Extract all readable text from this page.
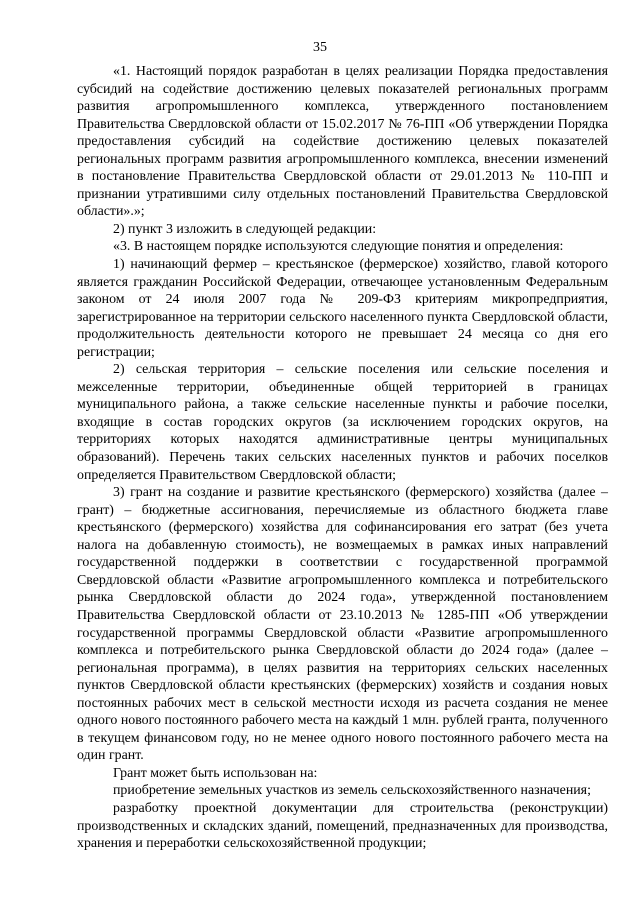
35

«1. Настоящий порядок разработан в целях реализации Порядка предоставления субсидий на содействие достижению целевых показателей региональных программ развития агропромышленного комплекса, утвержденного постановлением Правительства Свердловской области от 15.02.2017 № 76-ПП «Об утверждении Порядка предоставления субсидий на содействие достижению целевых показателей региональных программ развития агропромышленного комплекса, внесении изменений в постановление Правительства Свердловской области от 29.01.2013 № 110-ПП и признании утратившими силу отдельных постановлений Правительства Свердловской области».»;

2) пункт 3 изложить в следующей редакции:

«3. В настоящем порядке используются следующие понятия и определения:

1) начинающий фермер – крестьянское (фермерское) хозяйство, главой которого является гражданин Российской Федерации, отвечающее установленным Федеральным законом от 24 июля 2007 года № 209-ФЗ критериям микропредприятия, зарегистрированное на территории сельского населенного пункта Свердловской области, продолжительность деятельности которого не превышает 24 месяца со дня его регистрации;

2) сельская территория – сельские поселения или сельские поселения и межселенные территории, объединенные общей территорией в границах муниципального района, а также сельские населенные пункты и рабочие поселки, входящие в состав городских округов (за исключением городских округов, на территориях которых находятся административные центры муниципальных образований). Перечень таких сельских населенных пунктов и рабочих поселков определяется Правительством Свердловской области;

3) грант на создание и развитие крестьянского (фермерского) хозяйства (далее – грант) – бюджетные ассигнования, перечисляемые из областного бюджета главе крестьянского (фермерского) хозяйства для софинансирования его затрат (без учета налога на добавленную стоимость), не возмещаемых в рамках иных направлений государственной поддержки в соответствии с государственной программой Свердловской области «Развитие агропромышленного комплекса и потребительского рынка Свердловской области до 2024 года», утвержденной постановлением Правительства Свердловской области от 23.10.2013 № 1285-ПП «Об утверждении государственной программы Свердловской области «Развитие агропромышленного комплекса и потребительского рынка Свердловской области до 2024 года» (далее – региональная программа), в целях развития на территориях сельских населенных пунктов Свердловской области крестьянских (фермерских) хозяйств и создания новых постоянных рабочих мест в сельской местности исходя из расчета создания не менее одного нового постоянного рабочего места на каждый 1 млн. рублей гранта, полученного в текущем финансовом году, но не менее одного нового постоянного рабочего места на один грант.

Грант может быть использован на:

приобретение земельных участков из земель сельскохозяйственного назначения;

разработку проектной документации для строительства (реконструкции) производственных и складских зданий, помещений, предназначенных для производства, хранения и переработки сельскохозяйственной продукции;
